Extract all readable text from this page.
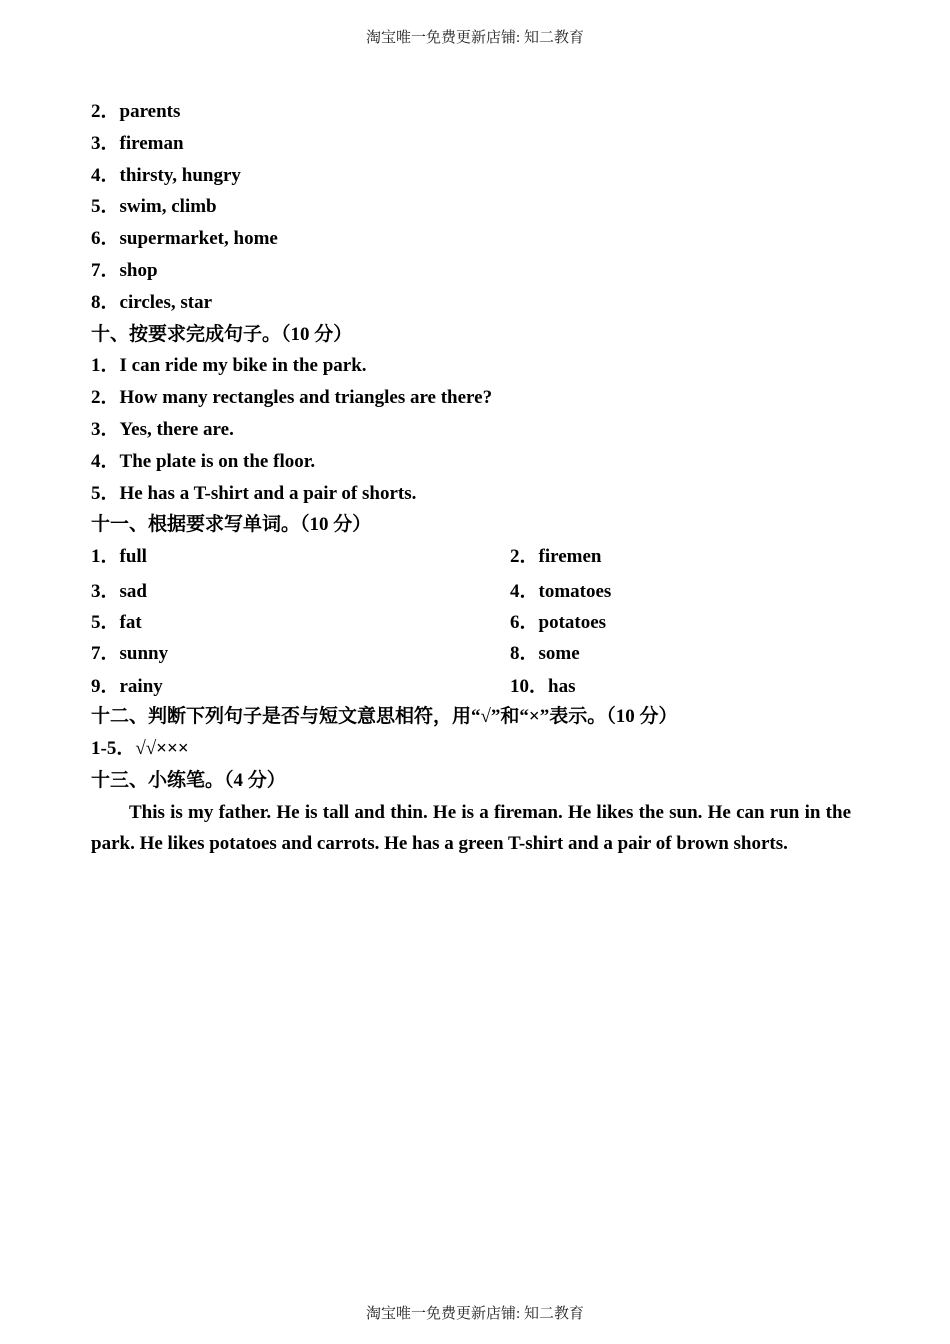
淘宝唯一免费更新店铺: 知二教育
2．parents
3．fireman
4．thirsty, hungry
5．swim, climb
6．supermarket, home
7．shop
8．circles, star
十、按要求完成句子。（10 分）
1．I can ride my bike in the park.
2．How many rectangles and triangles are there?
3．Yes, there are.
4．The plate is on the floor.
5．He has a T-shirt and a pair of shorts.
十一、根据要求写单词。（10 分）
1．full	2．firemen
3．sad	4．tomatoes
5．fat	6．potatoes
7．sunny	8．some
9．rainy	10．has
十二、判断下列句子是否与短文意思相符，用“√”和“×”表示。（10 分）
1-5．√√×××
十三、小练笔。（4 分）
This is my father. He is tall and thin. He is a fireman. He likes the sun. He can run in the park. He likes potatoes and carrots. He has a green T-shirt and a pair of brown shorts.
淘宝唯一免费更新店铺: 知二教育
